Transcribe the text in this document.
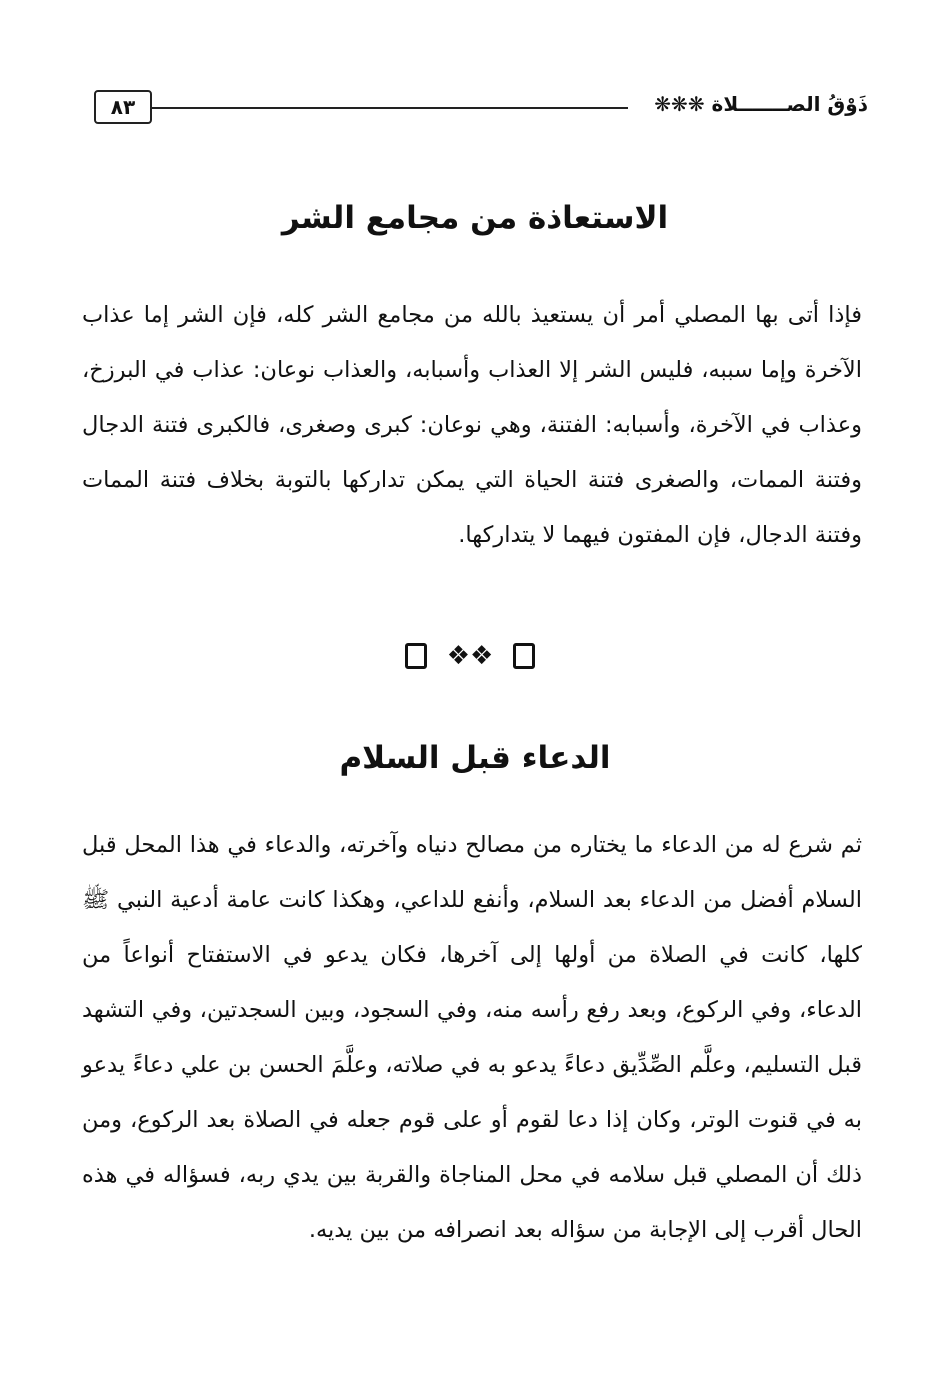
٨٣	ذَوْقُ الصـــــــلاة ❋❋❋
الاستعاذة من مجامع الشر

فإذا أتى بها المصلي أمر أن يستعيذ بالله من مجامع الشر كله، فإن الشر إما عذاب الآخرة وإما سببه، فليس الشر إلا العذاب وأسبابه، والعذاب نوعان: عذاب في البرزخ، وعذاب في الآخرة، وأسبابه: الفتنة، وهي نوعان: كبرى وصغرى، فالكبرى فتنة الدجال وفتنة الممات، والصغرى فتنة الحياة التي يمكن تداركها بالتوبة بخلاف فتنة الممات وفتنة الدجال، فإن المفتون فيهما لا يتداركها.

❖❖
الدعاء قبل السلام

ثم شرع له من الدعاء ما يختاره من مصالح دنياه وآخرته، والدعاء في هذا المحل قبل السلام أفضل من الدعاء بعد السلام، وأنفع للداعي، وهكذا كانت عامة أدعية النبي ﷺ كلها، كانت في الصلاة من أولها إلى آخرها، فكان يدعو في الاستفتاح أنواعاً من الدعاء، وفي الركوع، وبعد رفع رأسه منه، وفي السجود، وبين السجدتين، وفي التشهد قبل التسليم، وعلَّم الصِّدِّيق دعاءً يدعو به في صلاته، وعلَّمَ الحسن بن علي دعاءً يدعو به في قنوت الوتر، وكان إذا دعا لقوم أو على قوم جعله في الصلاة بعد الركوع، ومن ذلك أن المصلي قبل سلامه في محل المناجاة والقربة بين يدي ربه، فسؤاله في هذه الحال أقرب إلى الإجابة من سؤاله بعد انصرافه من بين يديه.
